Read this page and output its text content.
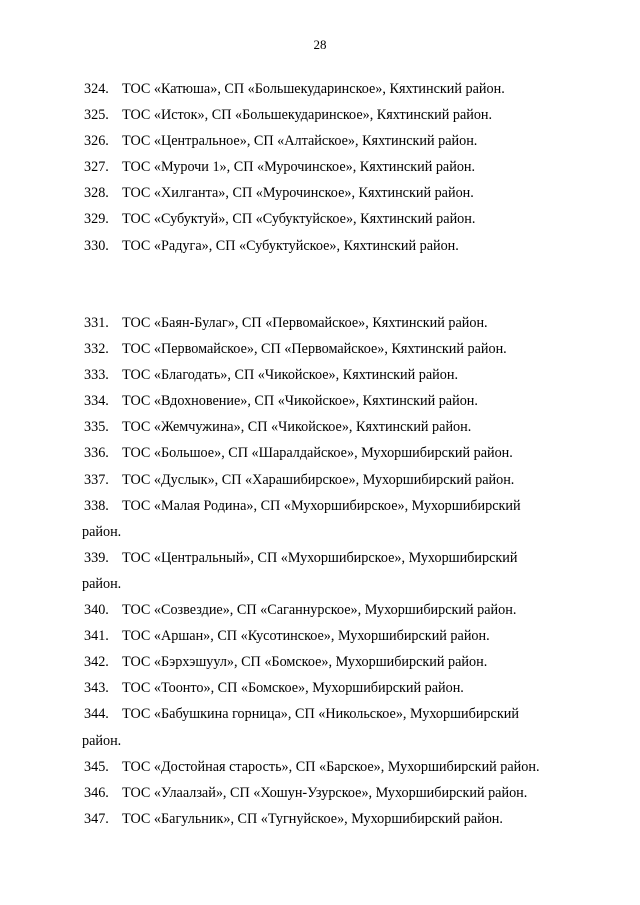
28
324. ТОС «Катюша», СП «Большекударинское», Кяхтинский район.
325. ТОС «Исток», СП «Большекударинское», Кяхтинский район.
326. ТОС «Центральное», СП «Алтайское», Кяхтинский район.
327. ТОС «Мурочи 1», СП «Мурочинское», Кяхтинский район.
328. ТОС «Хилганта», СП «Мурочинское», Кяхтинский район.
329. ТОС «Субуктуй», СП «Субуктуйское», Кяхтинский район.
330. ТОС «Радуга», СП «Субуктуйское», Кяхтинский район.
331. ТОС «Баян-Булаг», СП «Первомайское», Кяхтинский район.
332. ТОС «Первомайское», СП «Первомайское», Кяхтинский район.
333. ТОС «Благодать», СП «Чикойское», Кяхтинский район.
334. ТОС «Вдохновение», СП «Чикойское», Кяхтинский район.
335. ТОС «Жемчужина», СП «Чикойское», Кяхтинский район.
336. ТОС «Большое», СП «Шаралдайское», Мухоршибирский район.
337. ТОС «Дуслык», СП «Харашибирское», Мухоршибирский район.
338. ТОС «Малая Родина», СП «Мухоршибирское», Мухоршибирский
район.
339. ТОС «Центральный», СП «Мухоршибирское», Мухоршибирский
район.
340. ТОС «Созвездие», СП «Саганнурское», Мухоршибирский район.
341. ТОС «Аршан», СП «Кусотинское», Мухоршибирский район.
342. ТОС «Бэрхэшуул», СП «Бомское», Мухоршибирский район.
343. ТОС «Тоонто», СП «Бомское», Мухоршибирский район.
344. ТОС «Бабушкина горница», СП «Никольское», Мухоршибирский
район.
345. ТОС «Достойная старость», СП «Барское», Мухоршибирский район.
346. ТОС «Улаалзай», СП «Хошун-Узурское», Мухоршибирский район.
347. ТОС «Багульник», СП «Тугнуйское», Мухоршибирский район.
